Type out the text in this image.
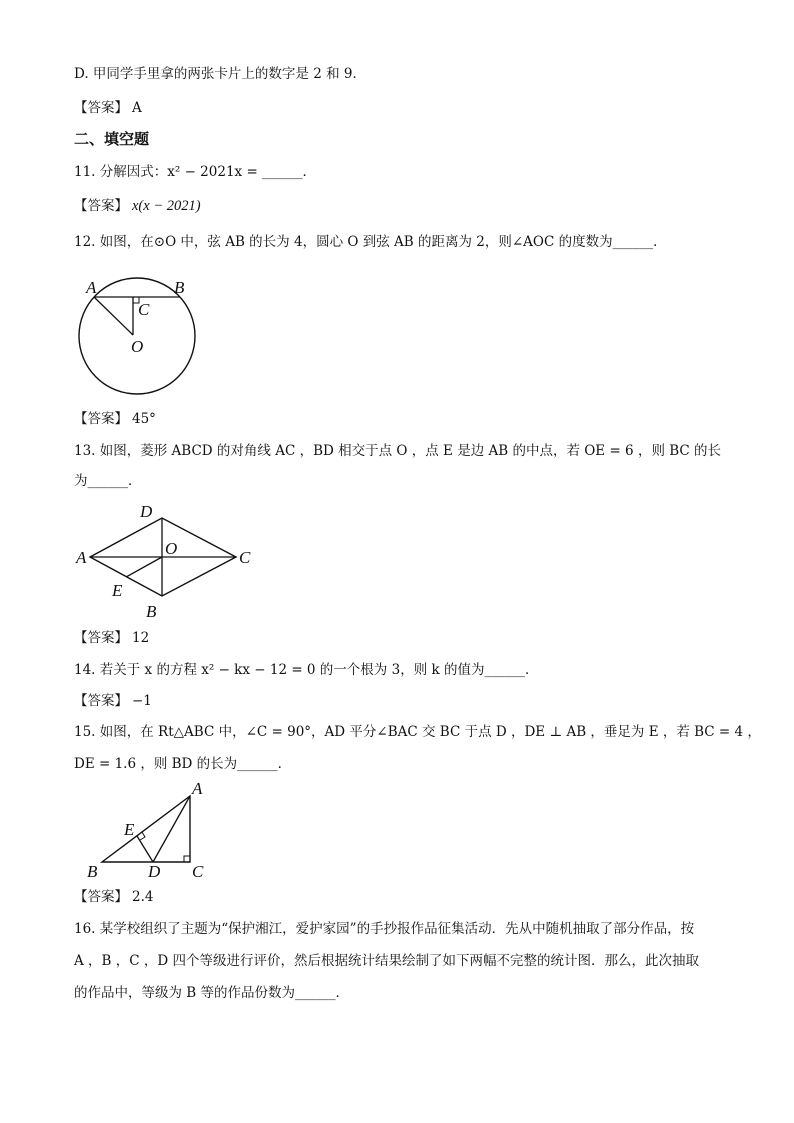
D. 甲同学手里拿的两张卡片上的数字是 2 和 9．
【答案】 A
二、填空题
11. 分解因式：x² − 2021x = ______．
【答案】 x(x − 2021)
12. 如图，在⊙O 中，弦 AB 的长为 4，圆心 O 到弦 AB 的距离为 2，则∠AOC 的度数为______．
A	B
C
O
【答案】 45°
13. 如图，菱形 ABCD 的对角线 AC ，BD 相交于点 O ，点 E 是边 AB 的中点，若 OE = 6 ，则 BC 的长
为______．
D
A	O	C
E
B
【答案】 12
14. 若关于 x 的方程 x² − kx − 12 = 0 的一个根为 3，则 k 的值为______．
【答案】 −1
15. 如图，在 Rt△ABC 中，∠C = 90°，AD 平分∠BAC 交 BC 于点 D ，DE ⊥ AB ，垂足为 E ，若 BC = 4 ，
DE = 1.6 ，则 BD 的长为______．
A
E
B	D C
【答案】 2.4
16. 某学校组织了主题为“保护湘江，爱护家园”的手抄报作品征集活动．先从中随机抽取了部分作品，按
A ，B ，C ，D 四个等级进行评价，然后根据统计结果绘制了如下两幅不完整的统计图．那么，此次抽取
的作品中，等级为 B 等的作品份数为______．
